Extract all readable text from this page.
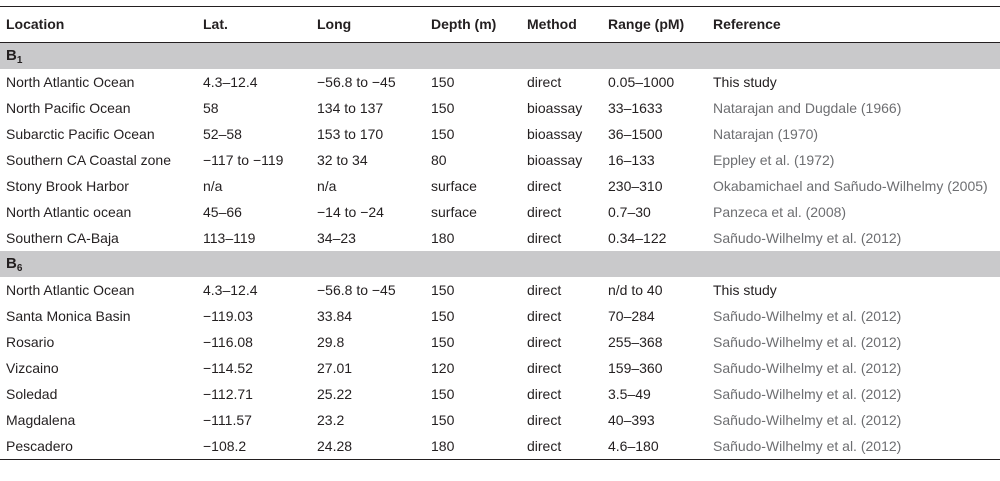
Location	Lat.	Long	Depth (m)	Method	Range (pM)	Reference
$B_1$
North Atlantic Ocean	4.3–12.4	−56.8 to −45	150	direct	0.05–1000	This study
North Pacific Ocean	58	134 to 137	150	bioassay	33–1633	Natarajan and Dugdale (1966)
Subarctic Pacific Ocean	52–58	153 to 170	150	bioassay	36–1500	Natarajan (1970)
Southern CA Coastal zone	−117 to −119	32 to 34	80	bioassay	16–133	Eppley et al. (1972)
Stony Brook Harbor	n/a	n/a	surface	direct	230–310	Okabamichael and Sañudo-Wilhelmy (2005)
North Atlantic ocean	45–66	−14 to −24	surface	direct	0.7–30	Panzeca et al. (2008)
Southern CA-Baja	113–119	34–23	180	direct	0.34–122	Sañudo-Wilhelmy et al. (2012)
$B_6$
North Atlantic Ocean	4.3–12.4	−56.8 to −45	150	direct	n/d to 40	This study
Santa Monica Basin	−119.03	33.84	150	direct	70–284	Sañudo-Wilhelmy et al. (2012)
Rosario	−116.08	29.8	150	direct	255–368	Sañudo-Wilhelmy et al. (2012)
Vizcaino	−114.52	27.01	120	direct	159–360	Sañudo-Wilhelmy et al. (2012)
Soledad	−112.71	25.22	150	direct	3.5–49	Sañudo-Wilhelmy et al. (2012)
Magdalena	−111.57	23.2	150	direct	40–393	Sañudo-Wilhelmy et al. (2012)
Pescadero	−108.2	24.28	180	direct	4.6–180	Sañudo-Wilhelmy et al. (2012)
